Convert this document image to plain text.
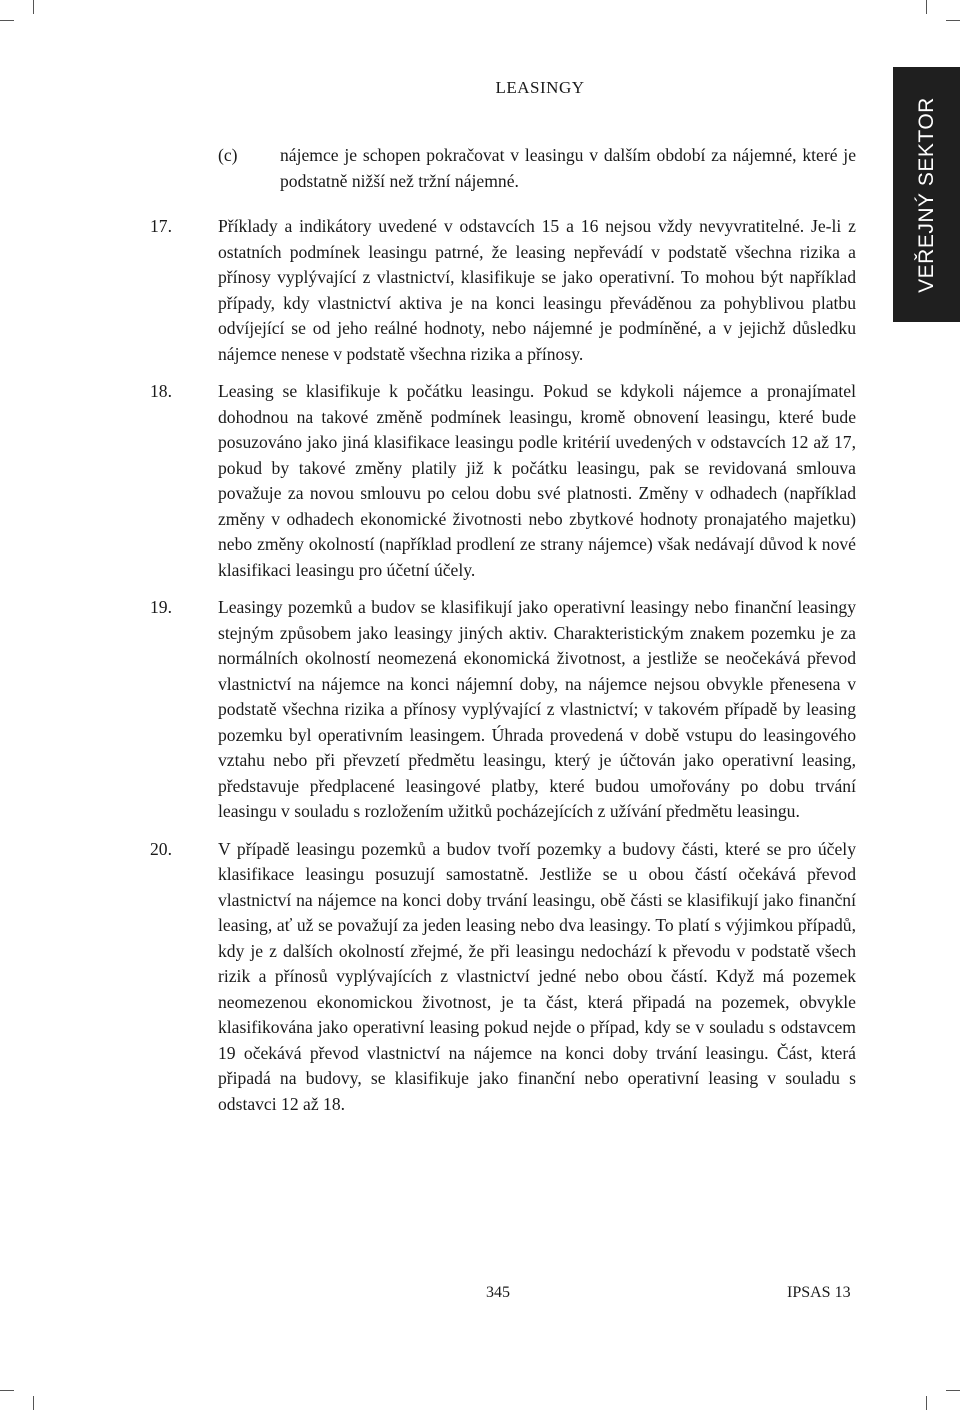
LEASINGY
VEŘEJNÝ SEKTOR
(c)	nájemce je schopen pokračovat v leasingu v dalším období za nájemné, které je podstatně nižší než tržní nájemné.

17.	Příklady a indikátory uvedené v odstavcích 15 a 16 nejsou vždy nevyvratitelné. Je-li z ostatních podmínek leasingu patrné, že leasing nepřevádí v podstatě všechna rizika a přínosy vyplývající z vlastnictví, klasifikuje se jako operativní. To mohou být například případy, kdy vlastnictví aktiva je na konci leasingu převáděnou za pohyblivou platbu odvíjející se od jeho reálné hodnoty, nebo nájemné je podmíněné, a v jejichž důsledku nájemce nenese v podstatě všechna rizika a přínosy.

18.	Leasing se klasifikuje k počátku leasingu. Pokud se kdykoli nájemce a pronajímatel dohodnou na takové změně podmínek leasingu, kromě obnovení leasingu, které bude posuzováno jako jiná klasifikace leasingu podle kritérií uvedených v odstavcích 12 až 17, pokud by takové změny platily již k počátku leasingu, pak se revidovaná smlouva považuje za novou smlouvu po celou dobu své platnosti. Změny v odhadech (například změny v odhadech ekonomické životnosti nebo zbytkové hodnoty pronajatého majetku) nebo změny okolností (například prodlení ze strany nájemce) však nedávají důvod k nové klasifikaci leasingu pro účetní účely.

19.	Leasingy pozemků a budov se klasifikují jako operativní leasingy nebo finanční leasingy stejným způsobem jako leasingy jiných aktiv. Charakteristickým znakem pozemku je za normálních okolností neomezená ekonomická životnost, a jestliže se neočekává převod vlastnictví na nájemce na konci nájemní doby, na nájemce nejsou obvykle přenesena v podstatě všechna rizika a přínosy vyplývající z vlastnictví; v takovém případě by leasing pozemku byl operativním leasingem. Úhrada provedená v době vstupu do leasingového vztahu nebo při převzetí předmětu leasingu, který je účtován jako operativní leasing, představuje předplacené leasingové platby, které budou umořovány po dobu trvání leasingu v souladu s rozložením užitků pocházejících z užívání předmětu leasingu.

20.	V případě leasingu pozemků a budov tvoří pozemky a budovy části, které se pro účely klasifikace leasingu posuzují samostatně. Jestliže se u obou částí očekává převod vlastnictví na nájemce na konci doby trvání leasingu, obě části se klasifikují jako finanční leasing, ať už se považují za jeden leasing nebo dva leasingy. To platí s výjimkou případů, kdy je z dalších okolností zřejmé, že při leasingu nedochází k převodu v podstatě všech rizik a přínosů vyplývajících z vlastnictví jedné nebo obou částí. Když má pozemek neomezenou ekonomickou životnost, je ta část, která připadá na pozemek, obvykle klasifikována jako operativní leasing pokud nejde o případ, kdy se v souladu s odstavcem 19 očekává převod vlastnictví na nájemce na konci doby trvání leasingu. Část, která připadá na budovy, se klasifikuje jako finanční nebo operativní leasing v souladu s odstavci 12 až 18.

345	IPSAS 13
